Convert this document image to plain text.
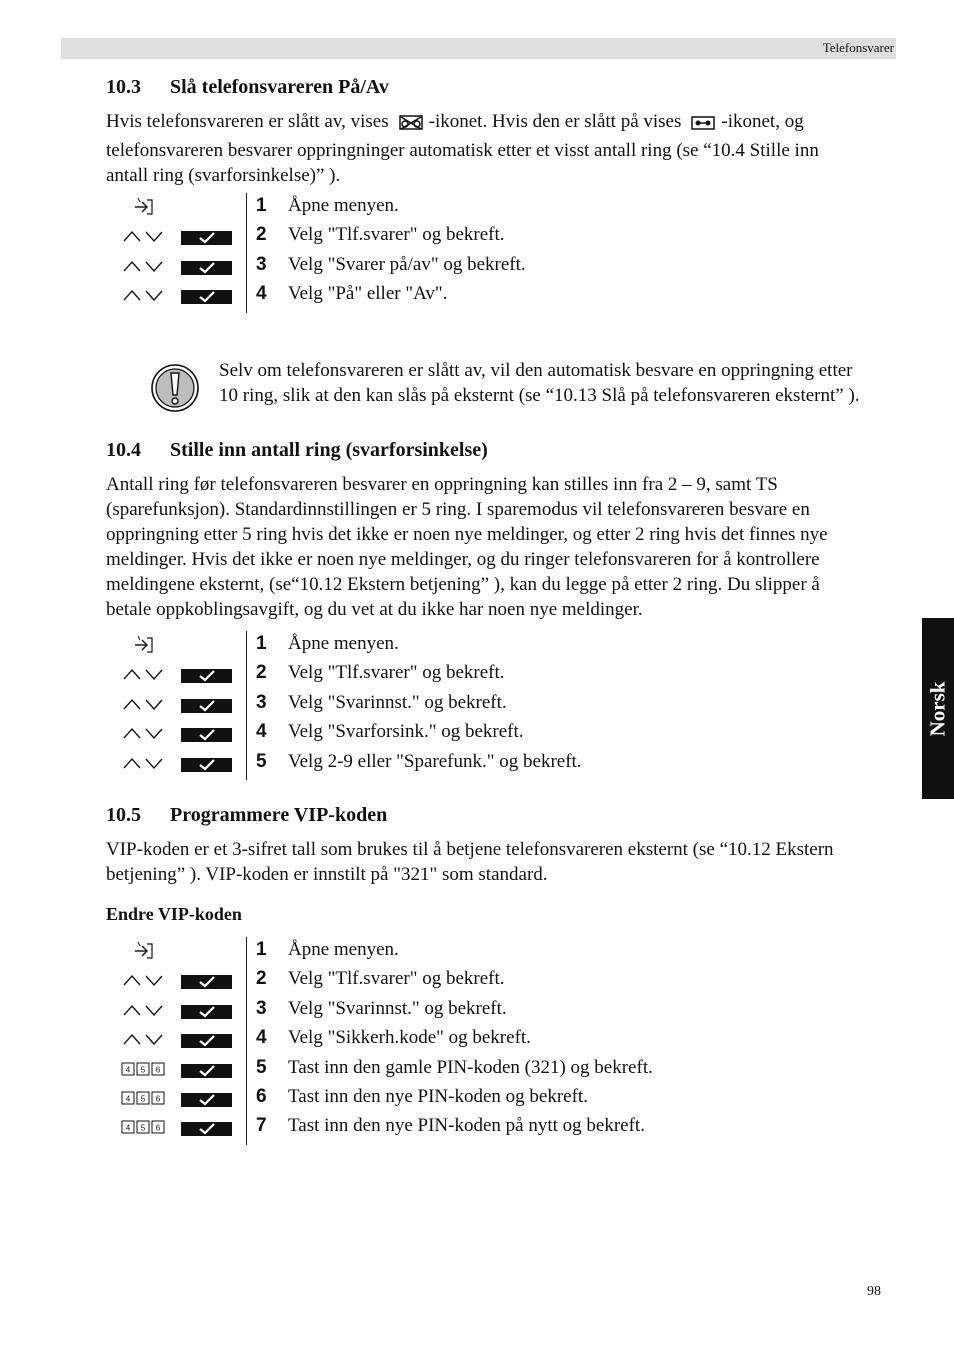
Telefonsvarer
10.3 Slå telefonsvareren På/Av

Hvis telefonsvareren er slått av, vises -ikonet. Hvis den er slått på vises -ikonet, og
telefonsvareren besvarer oppringninger automatisk etter et visst antall ring (se “10.4 Stille inn
antall ring (svarforsinkelse)” ).

1 Åpne menyen.
2 Velg "Tlf.svarer" og bekreft.
3 Velg "Svarer på/av" og bekreft.
4 Velg "På" eller "Av".
Selv om telefonsvareren er slått av, vil den automatisk besvare en oppringning etter
10 ring, slik at den kan slås på eksternt (se “10.13 Slå på telefonsvareren eksternt” ).
10.4 Stille inn antall ring (svarforsinkelse)

Antall ring før telefonsvareren besvarer en oppringning kan stilles inn fra 2 – 9, samt TS
(sparefunksjon). Standardinnstillingen er 5 ring. I sparemodus vil telefonsvareren besvare en
oppringning etter 5 ring hvis det ikke er noen nye meldinger, og etter 2 ring hvis det finnes nye
meldinger. Hvis det ikke er noen nye meldinger, og du ringer telefonsvareren for å kontrollere
meldingene eksternt, (se“10.12 Ekstern betjening” ), kan du legge på etter 2 ring. Du slipper å
betale oppkoblingsavgift, og du vet at du ikke har noen nye meldinger.

1 Åpne menyen.
2 Velg "Tlf.svarer" og bekreft.
3 Velg "Svarinnst." og bekreft.
4 Velg "Svarforsink." og bekreft.
5 Velg 2-9 eller "Sparefunk." og bekreft.
10.5 Programmere VIP-koden

VIP-koden er et 3-sifret tall som brukes til å betjene telefonsvareren eksternt (se “10.12 Ekstern
betjening” ). VIP-koden er innstilt på "321" som standard.

Endre VIP-koden
1 Åpne menyen.
2 Velg "Tlf.svarer" og bekreft.
3 Velg "Svarinnst." og bekreft.
4 Velg "Sikkerh.kode" og bekreft.
4 5 6	5 Tast inn den gamle PIN-koden (321) og bekreft.
4 5 6	6 Tast inn den nye PIN-koden og bekreft.
4 5 6	7 Tast inn den nye PIN-koden på nytt og bekreft.
Norsk
98
